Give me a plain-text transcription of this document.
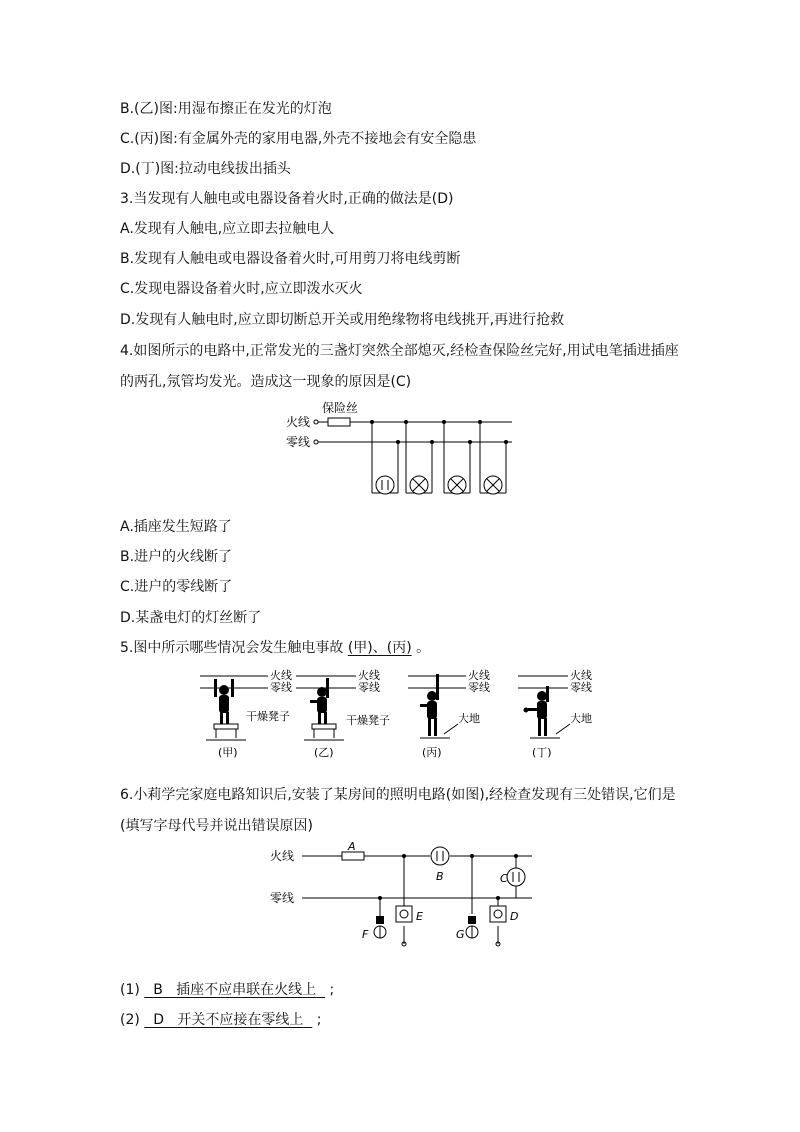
B.(乙)图:用湿布擦正在发光的灯泡
C.(丙)图:有金属外壳的家用电器,外壳不接地会有安全隐患
D.(丁)图:拉动电线拔出插头
3.当发现有人触电或电器设备着火时,正确的做法是(D)
A.发现有人触电,应立即去拉触电人
B.发现有人触电或电器设备着火时,可用剪刀将电线剪断
C.发现电器设备着火时,应立即泼水灭火
D.发现有人触电时,应立即切断总开关或用绝缘物将电线挑开,再进行抢救
4.如图所示的电路中,正常发光的三盏灯突然全部熄灭,经检查保险丝完好,用试电笔插进插座
的两孔,氖管均发光。造成这一现象的原因是(C)
火线
零线
保险丝
A.插座发生短路了
B.进户的火线断了
C.进户的零线断了
D.某盏电灯的灯丝断了
5.图中所示哪些情况会发生触电事故 (甲)、(丙) 。
火线
零线
火线
零线
火线
零线
火线
零线
干燥凳子	干燥凳子	大地	大地
(甲)	(乙)	(丙)	(丁)
6.小莉学完家庭电路知识后,安装了某房间的照明电路(如图),经检查发现有三处错误,它们是
(填写字母代号并说出错误原因)
火线
零线
A
B	C
E
F
D
G
(1) B 插座不应串联在火线上 ;
(2) D 开关不应接在零线上 ;
